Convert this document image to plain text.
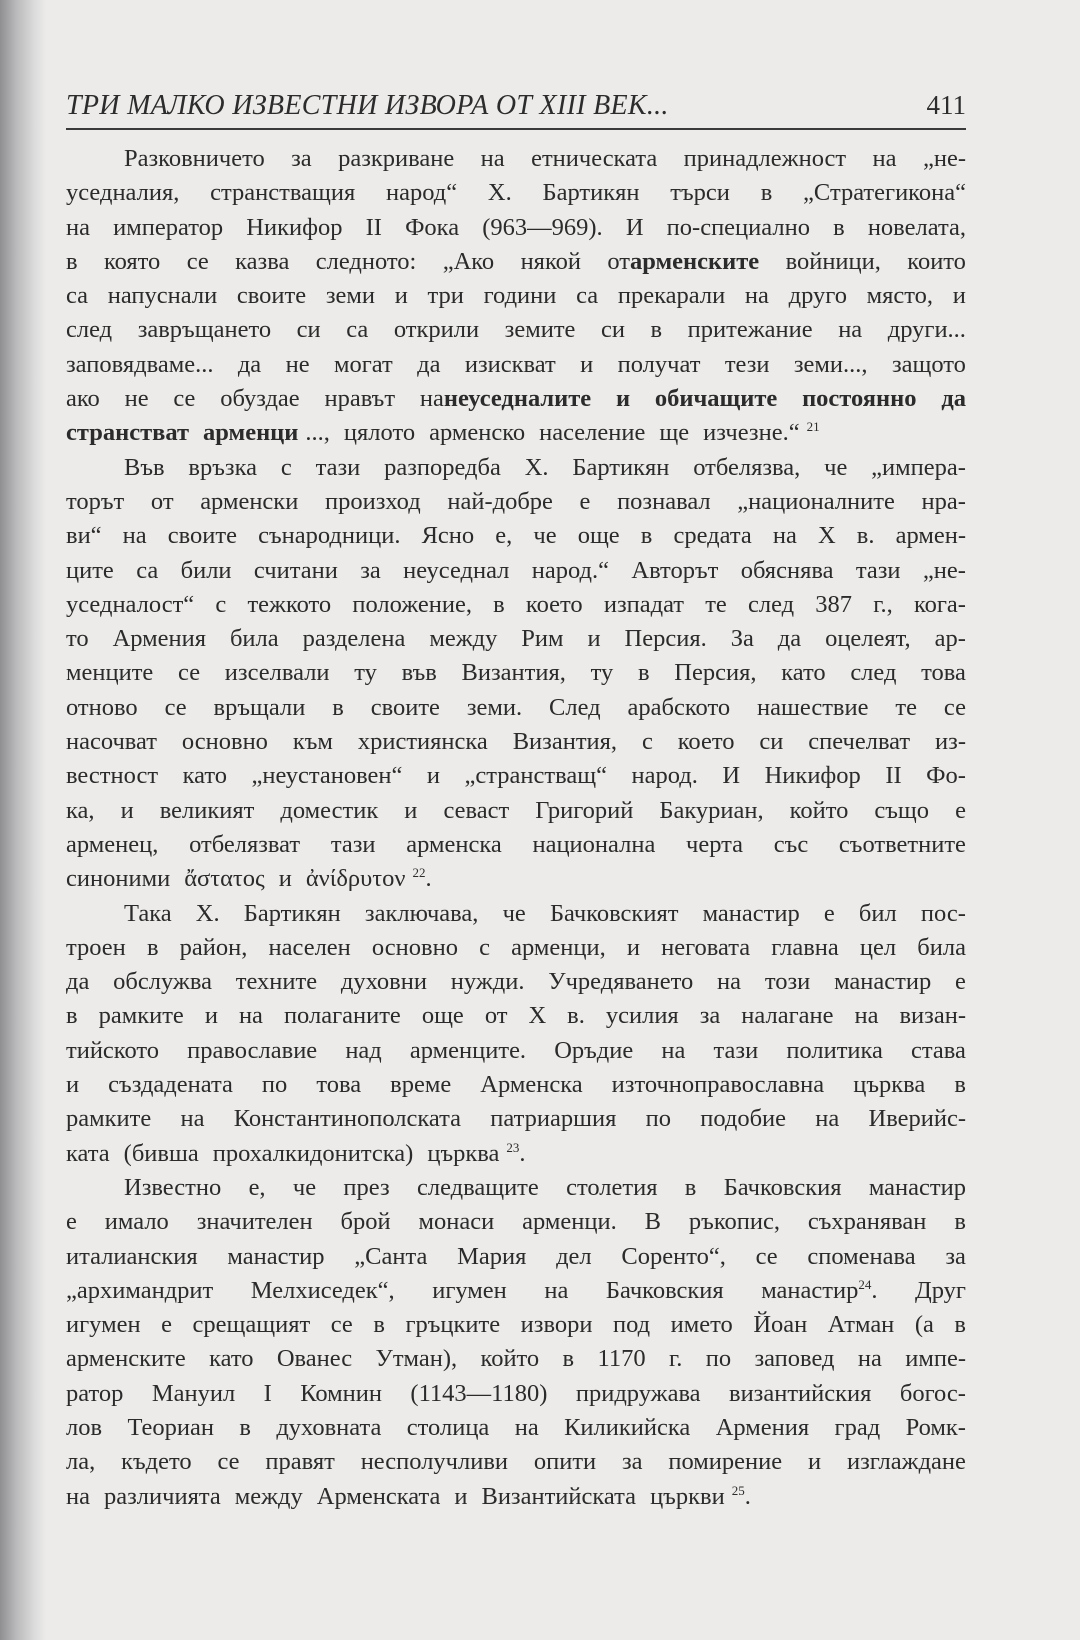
ТРИ МАЛКО ИЗВЕСТНИ ИЗВОРА ОТ XIII ВЕК...	411
Разковничето за разкриване на етническата принадлежност на „не-
уседналия, странстващия народ“ Х. Бартикян търси в „Стратегикона“
на император Никифор II Фока (963—969). И по-специално в новелата,
в която се казва следното: „Ако някой отарменските войници, които
са напуснали своите земи и три години са прекарали на друго място, и
след завръщането си са открили земите си в притежание на други...
заповядваме... да не могат да изискват и получат тези земи..., защото
ако не се обуздае нравът нанеуседналите и обичащите постоянно да
странстват арменци ..., цялото арменско население ще изчезне.“ $^{21}$
Във връзка с тази разпоредба Х. Бартикян отбелязва, че „импера-
торът от арменски произход най-добре е познавал „националните нра-
ви“ на своите сънародници. Ясно е, че още в средата на Х в. армен-
ците са били считани за неуседнал народ.“ Авторът обяснява тази „не-
уседналост“ с тежкото положение, в което изпадат те след 387 г., кога-
то Армения била разделена между Рим и Персия. За да оцелеят, ар-
менците се изселвали ту във Византия, ту в Персия, като след това
отново се връщали в своите земи. След арабското нашествие те се
насочват основно към християнска Византия, с което си спечелват из-
вестност като „неустановен“ и „странстващ“ народ. И Никифор II Фо-
ка, и великият доместик и севаст Григорий Бакуриан, който също е
арменец, отбелязват тази арменска национална черта със съответните
синоними ἄστατος и ἀνίδρυτον $^{22}$.
Така Х. Бартикян заключава, че Бачковският манастир е бил пос-
троен в район, населен основно с арменци, и неговата главна цел била
да обслужва техните духовни нужди. Учредяването на този манастир е
в рамките и на полаганите още от Х в. усилия за налагане на визан-
тийското православие над арменците. Оръдие на тази политика става
и създадената по това време Арменска източноправославна църква в
рамките на Константинополската патриаршия по подобие на Иверийс-
ката (бивша прохалкидонитска) църква $^{23}$.
Известно е, че през следващите столетия в Бачковския манастир
е имало значителен брой монаси арменци. В ръкопис, съхраняван в
италианския манастир „Санта Мария дел Соренто“, се споменава за
„архимандрит Мелхиседек“, игумен на Бачковския манастир$^{24}$. Друг
игумен е срещащият се в гръцките извори под името Йоан Атман (а в
арменските като Ованес Утман), който в 1170 г. по заповед на импе-
ратор Мануил I Комнин (1143—1180) придружава византийския богос-
лов Теориан в духовната столица на Киликийска Армения град Ромк-
ла, където се правят несполучливи опити за помирение и изглаждане
на различията между Арменската и Византийската църкви $^{25}$.
